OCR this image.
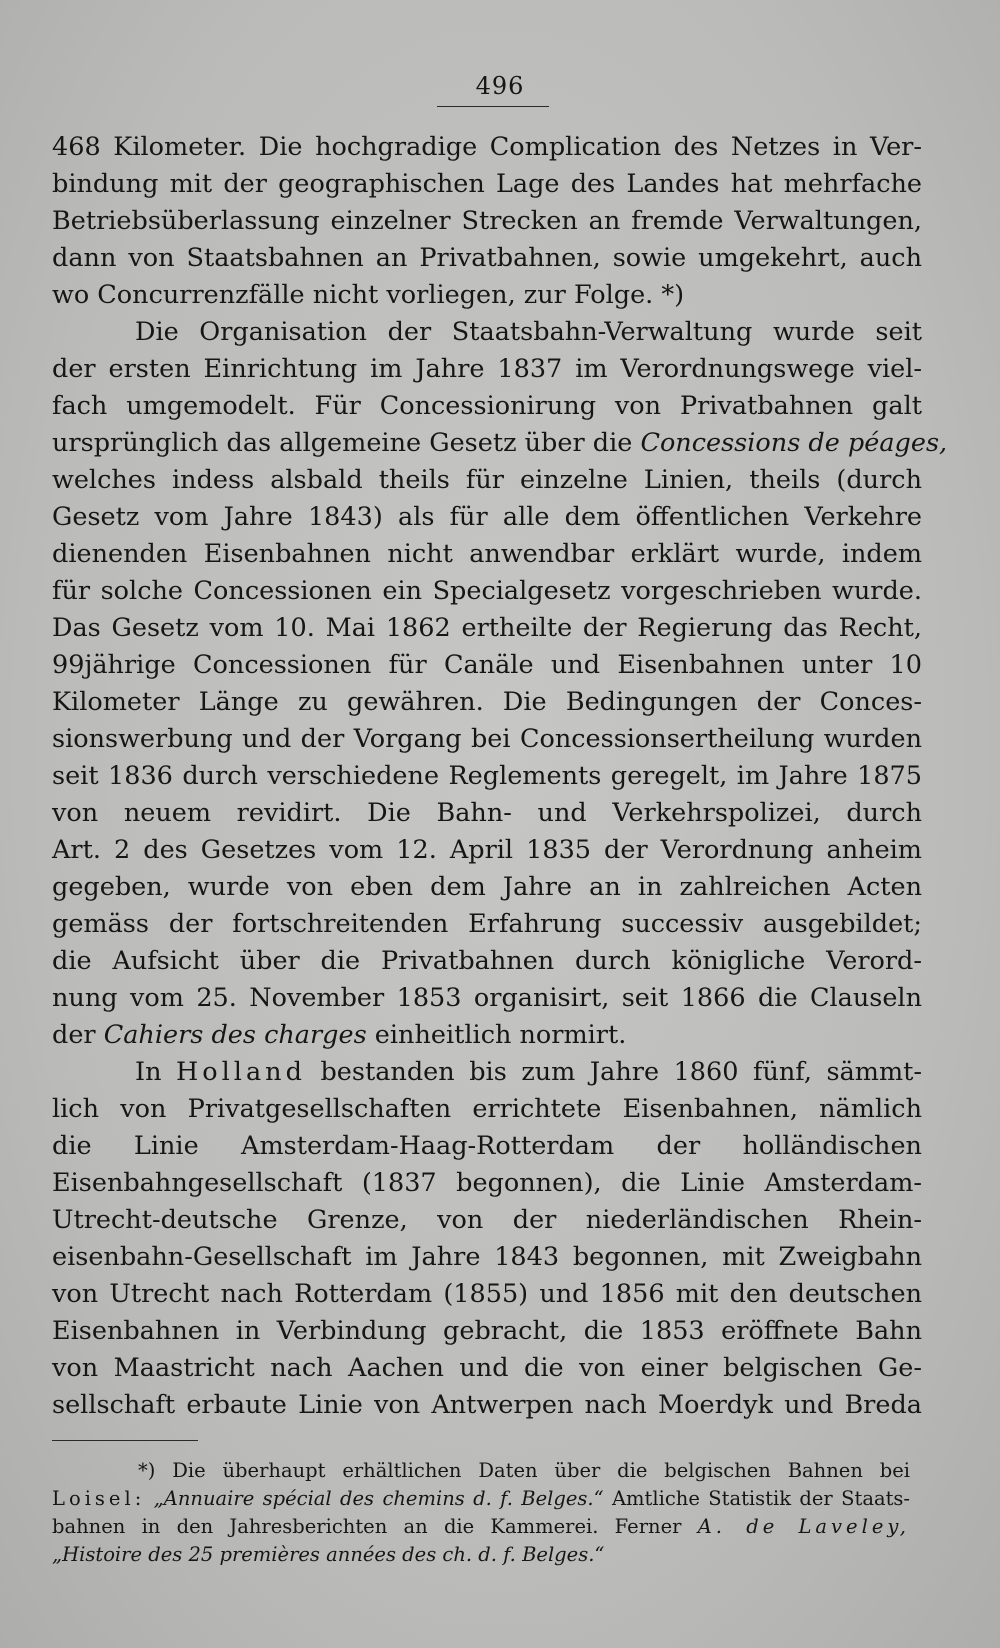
496
468 Kilometer. Die hochgradige Complication des Netzes in Ver-
bindung mit der geographischen Lage des Landes hat mehrfache
Betriebsüberlassung einzelner Strecken an fremde Verwaltungen,
dann von Staatsbahnen an Privatbahnen, sowie umgekehrt, auch
wo Concurrenzfälle nicht vorliegen, zur Folge. *)
Die Organisation der Staatsbahn-Verwaltung wurde seit
der ersten Einrichtung im Jahre 1837 im Verordnungswege viel-
fach umgemodelt. Für Concessionirung von Privatbahnen galt
ursprünglich das allgemeine Gesetz über die Concessions de péages,
welches indess alsbald theils für einzelne Linien, theils (durch
Gesetz vom Jahre 1843) als für alle dem öffentlichen Verkehre
dienenden Eisenbahnen nicht anwendbar erklärt wurde, indem
für solche Concessionen ein Specialgesetz vorgeschrieben wurde.
Das Gesetz vom 10. Mai 1862 ertheilte der Regierung das Recht,
99jährige Concessionen für Canäle und Eisenbahnen unter 10
Kilometer Länge zu gewähren. Die Bedingungen der Conces-
sionswerbung und der Vorgang bei Concessionsertheilung wurden
seit 1836 durch verschiedene Reglements geregelt, im Jahre 1875
von neuem revidirt. Die Bahn- und Verkehrspolizei, durch
Art. 2 des Gesetzes vom 12. April 1835 der Verordnung anheim
gegeben, wurde von eben dem Jahre an in zahlreichen Acten
gemäss der fortschreitenden Erfahrung successiv ausgebildet;
die Aufsicht über die Privatbahnen durch königliche Verord-
nung vom 25. November 1853 organisirt, seit 1866 die Clauseln
der Cahiers des charges einheitlich normirt.
In Holland bestanden bis zum Jahre 1860 fünf, sämmt-
lich von Privatgesellschaften errichtete Eisenbahnen, nämlich
die Linie Amsterdam-Haag-Rotterdam der holländischen
Eisenbahngesellschaft (1837 begonnen), die Linie Amsterdam-
Utrecht-deutsche Grenze, von der niederländischen Rhein-
eisenbahn-Gesellschaft im Jahre 1843 begonnen, mit Zweigbahn
von Utrecht nach Rotterdam (1855) und 1856 mit den deutschen
Eisenbahnen in Verbindung gebracht, die 1853 eröffnete Bahn
von Maastricht nach Aachen und die von einer belgischen Ge-
sellschaft erbaute Linie von Antwerpen nach Moerdyk und Breda
*) Die überhaupt erhältlichen Daten über die belgischen Bahnen bei
Loisel: „Annuaire spécial des chemins d. f. Belges.“ Amtliche Statistik der Staats-
bahnen in den Jahresberichten an die Kammerei. Ferner A. de Laveley,
„Histoire des 25 premières années des ch. d. f. Belges.“
